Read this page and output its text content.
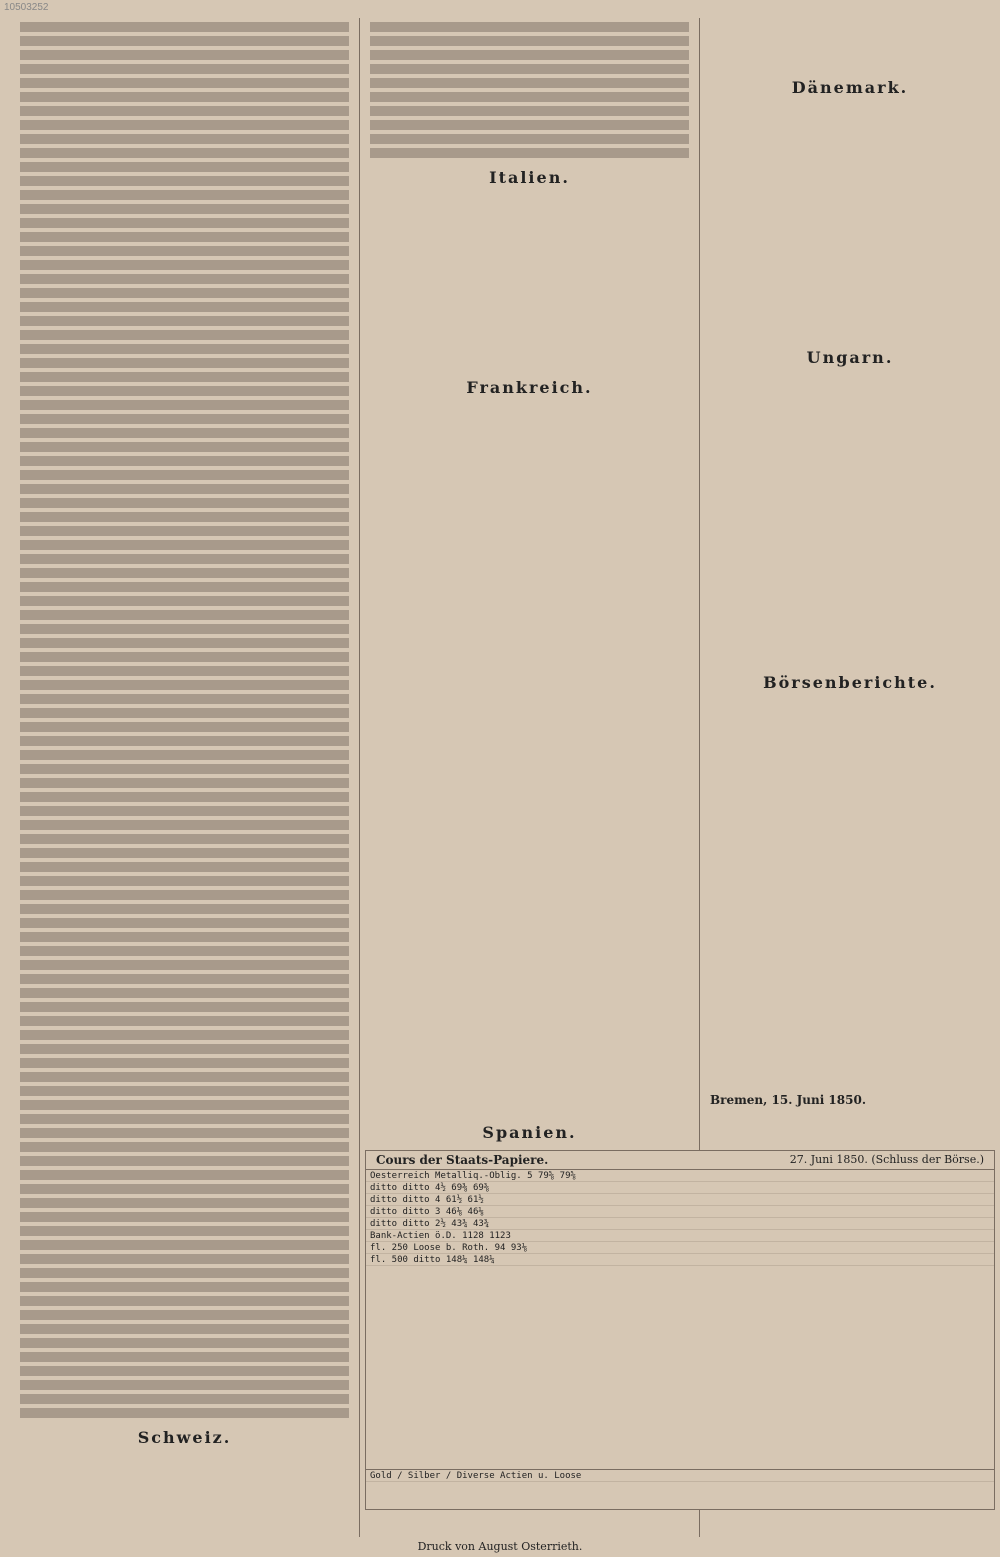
10503252
Schweiz.
Italien.
Frankreich.
Spanien.
Dänemark.
Ungarn.
Börsenberichte.
Bremen, 15. Juni 1850.
Cours der Staats-Papiere.	27. Juni 1850. (Schluss der Börse.)
Oesterreich Metalliq.-Oblig. 5 79⅝ 79⅝
ditto ditto 4½ 69⅜ 69⅜
ditto ditto 4 61½ 61½
ditto ditto 3 46⅛ 46⅛
ditto ditto 2½ 43¾ 43¾
Bank-Actien ö.D. 1128 1123
fl. 250 Loose b. Roth. 94 93⅛
fl. 500 ditto 148¼ 148¼
Gold / Silber / Diverse Actien u. Loose
Druck von August Osterrieth.
